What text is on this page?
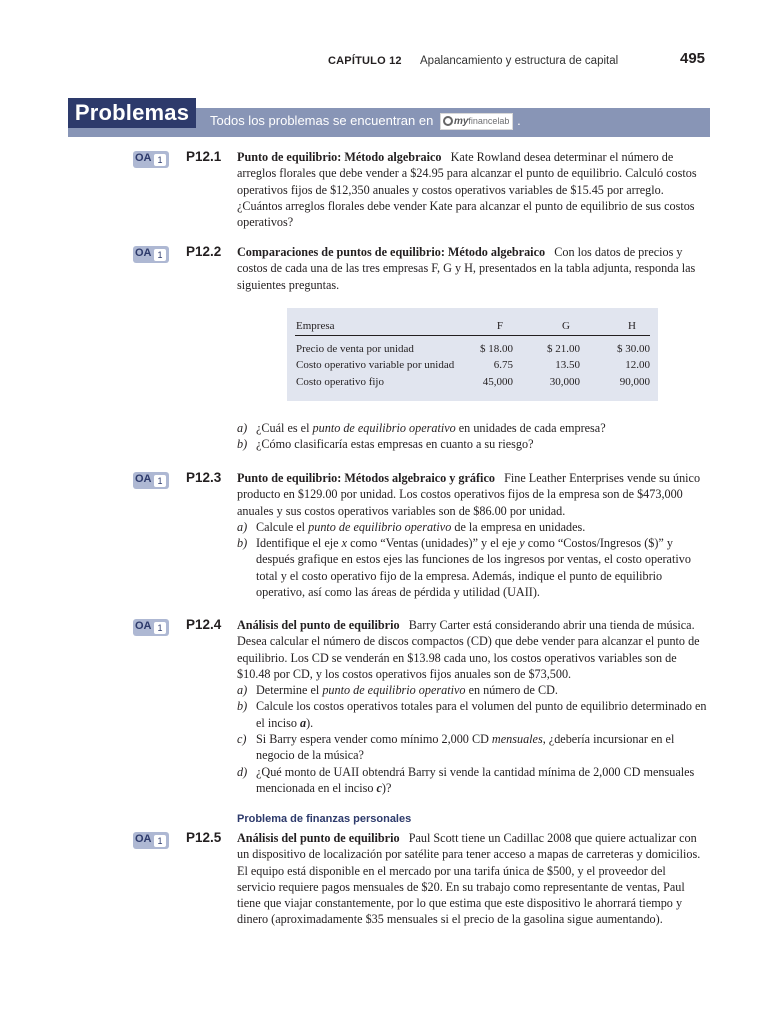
CAPÍTULO 12 Apalancamiento y estructura de capital	495
Problemas	Todos los problemas se encuentran en myfinancelab .
OA 1 P12.1 Punto de equilibrio: Método algebraico Kate Rowland desea determinar el número de arreglos florales que debe vender a $24.95 para alcanzar el punto de equilibrio. Calculó costos operativos fijos de $12,350 anuales y costos operativos variables de $15.45 por arreglo. ¿Cuántos arreglos florales debe vender Kate para alcanzar el punto de equilibrio de sus costos operativos?

OA 1 P12.2 Comparaciones de puntos de equilibrio: Método algebraico Con los datos de precios y costos de cada una de las tres empresas F, G y H, presentados en la tabla adjunta, responda las siguientes preguntas.

Empresa	F	G	H
Precio de venta por unidad	$ 18.00	$ 21.00	$ 30.00
Costo operativo variable por unidad	6.75	13.50	12.00
Costo operativo fijo	45,000	30,000	90,000
a) ¿Cuál es el punto de equilibrio operativo en unidades de cada empresa?
b) ¿Cómo clasificaría estas empresas en cuanto a su riesgo?
OA 1 P12.3 Punto de equilibrio: Métodos algebraico y gráfico Fine Leather Enterprises vende su único producto en $129.00 por unidad. Los costos operativos fijos de la empresa son de $473,000 anuales y sus costos operativos variables son de $86.00 por unidad.

a) Calcule el punto de equilibrio operativo de la empresa en unidades.
b) Identifique el eje x como “Ventas (unidades)” y el eje y como “Costos/Ingresos ($)” y después grafique en estos ejes las funciones de los ingresos por ventas, el costo operativo total y el costo operativo fijo de la empresa. Además, indique el punto de equilibrio operativo, así como las áreas de pérdida y utilidad (UAII).
OA 1 P12.4 Análisis del punto de equilibrio Barry Carter está considerando abrir una tienda de música. Desea calcular el número de discos compactos (CD) que debe vender para alcanzar el punto de equilibrio. Los CD se venderán en $13.98 cada uno, los costos operativos variables son de $10.48 por CD, y los costos operativos fijos anuales son de $73,500.

a) Determine el punto de equilibrio operativo en número de CD.
b) Calcule los costos operativos totales para el volumen del punto de equilibrio determinado en el inciso a).
c) Si Barry espera vender como mínimo 2,000 CD mensuales, ¿debería incursionar en el negocio de la música?
d) ¿Qué monto de UAII obtendrá Barry si vende la cantidad mínima de 2,000 CD mensuales mencionada en el inciso c)?
Problema de finanzas personales
OA 1 P12.5 Análisis del punto de equilibrio Paul Scott tiene un Cadillac 2008 que quiere actualizar con un dispositivo de localización por satélite para tener acceso a mapas de carreteras y domicilios. El equipo está disponible en el mercado por una tarifa única de $500, y el proveedor del servicio requiere pagos mensuales de $20. En su trabajo como representante de ventas, Paul tiene que viajar constantemente, por lo que estima que este dispositivo le ahorrará tiempo y dinero (aproximadamente $35 mensuales si el precio de la gasolina sigue aumentando).
